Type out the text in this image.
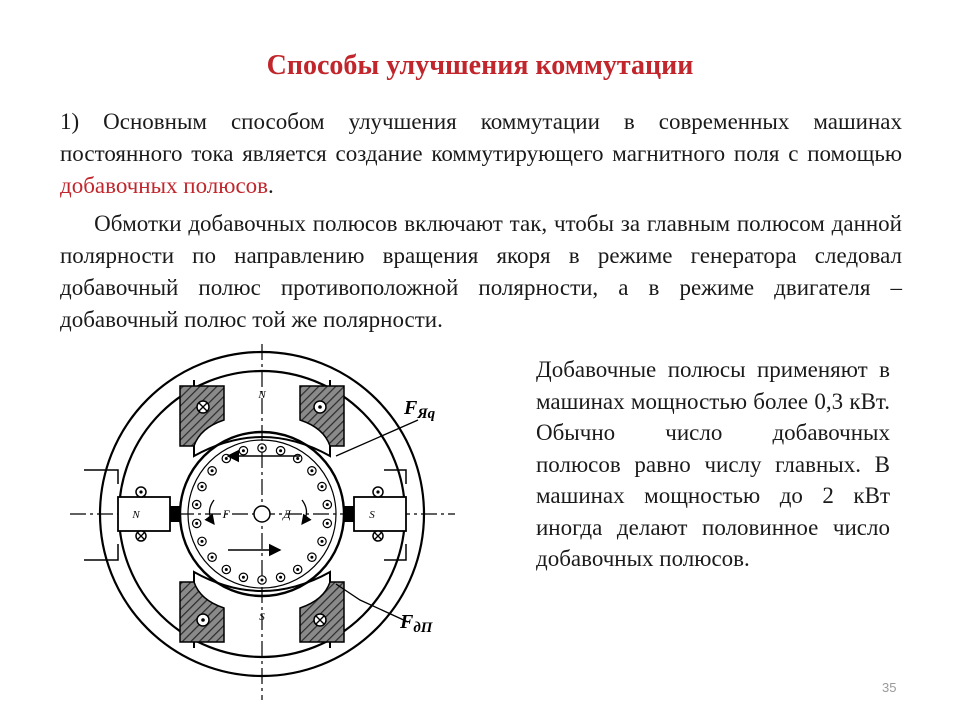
Способы улучшения коммутации
1) Основным способом улучшения коммутации в современных машинах постоянного тока является создание коммутирующего магнитного поля с помощью добавочных полюсов.
Обмотки добавочных полюсов включают так, чтобы за главным полюсом данной полярности по направлению вращения якоря в режиме генератора следовал добавочный полюс противоположной полярности, а в режиме двигателя – добавочный полюс той же полярности.
Добавочные полюсы применяют в машинах мощностью более 0,3 кВт. Обычно число добавочных полюсов равно числу главных. В машинах мощностью до 2 кВт иногда делают половинное число добавочных полюсов.
35
N
S
N	S
Г	Д
$F_{Яq}$
$F_{дП}$
